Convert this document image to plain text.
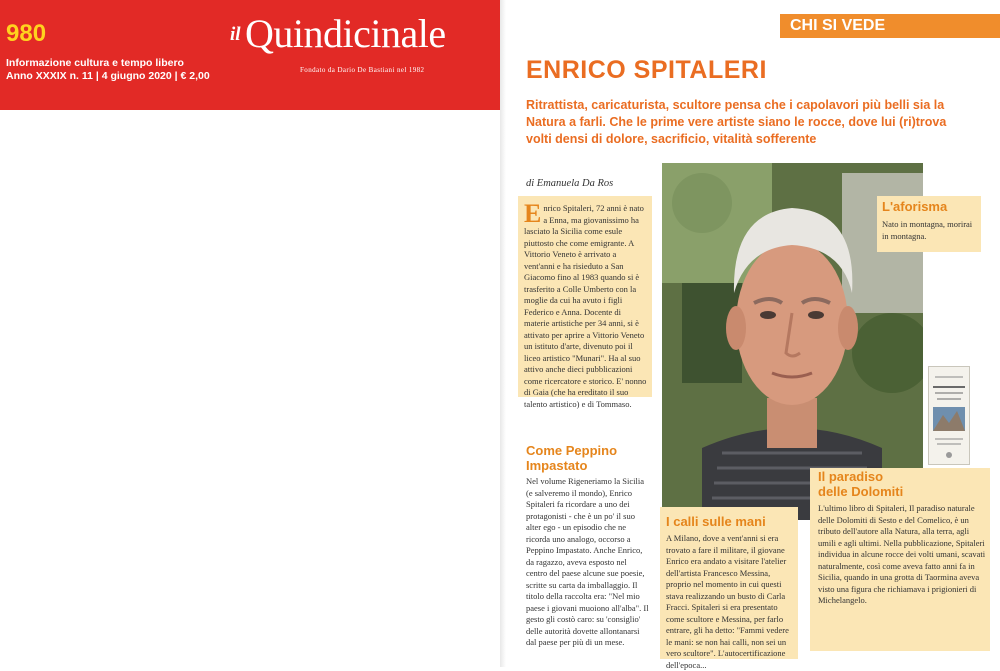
980
Informazione cultura e tempo libero
Anno XXXIX n. 11 | 4 giugno 2020 | € 2,00
il Quindicinale
Fondato da Dario De Bastiani nel 1982
CHI SI VEDE
ENRICO SPITALERI
Ritrattista, caricaturista, scultore pensa che i capolavori più belli sia la Natura a farli. Che le prime vere artiste siano le rocce, dove lui (ri)trova volti densi di dolore, sacrificio, vitalità sofferente
di Emanuela Da Ros
Enrico Spitaleri, 72 anni è nato a Enna, ma giovanissimo ha lasciato la Sicilia come esule piuttosto che come emigrante. A Vittorio Veneto è arrivato a vent'anni e ha risieduto a San Giacomo fino al 1983 quando si è trasferito a Colle Umberto con la moglie da cui ha avuto i figli Federico e Anna. Docente di materie artistiche per 34 anni, si è attivato per aprire a Vittorio Veneto un istituto d'arte, divenuto poi il liceo artistico "Munari". Ha al suo attivo anche dieci pubblicazioni come ricercatore e storico. E' nonno di Gaia (che ha ereditato il suo talento artistico) e di Tommaso.
L'aforisma
Nato in montagna, morirai in montagna.
Come Peppino
Impastato
Nel volume Rigeneriamo la Sicilia (e salveremo il mondo), Enrico Spitaleri fa ricordare a uno dei protagonisti - che è un po' il suo alter ego - un episodio che ne ricorda uno analogo, occorso a Peppino Impastato. Anche Enrico, da ragazzo, aveva esposto nel centro del paese alcune sue poesie, scritte su carta da imballaggio. Il titolo della raccolta era: "Nel mio paese i giovani muoiono all'alba". Il gesto gli costò caro: su 'consiglio' delle autorità dovette allontanarsi dal paese per più di un mese.
I calli sulle mani
A Milano, dove a vent'anni si era trovato a fare il militare, il giovane Enrico era andato a visitare l'atelier dell'artista Francesco Messina, proprio nel momento in cui questi stava realizzando un busto di Carla Fracci. Spitaleri si era presentato come scultore e Messina, per farlo entrare, gli ha detto: "Fammi vedere le mani: se non hai calli, non sei un vero scultore". L'autocertificazione dell'epoca...
Il paradiso
delle Dolomiti
L'ultimo libro di Spitaleri, Il paradiso naturale delle Dolomiti di Sesto e del Comelico, è un tributo dell'autore alla Natura, alla terra, agli umili e agli ultimi. Nella pubblicazione, Spitaleri individua in alcune rocce dei volti umani, scavati naturalmente, così come aveva fatto anni fa in Sicilia, quando in una grotta di Taormina aveva visto una figura che richiamava i prigionieri di Michelangelo.
